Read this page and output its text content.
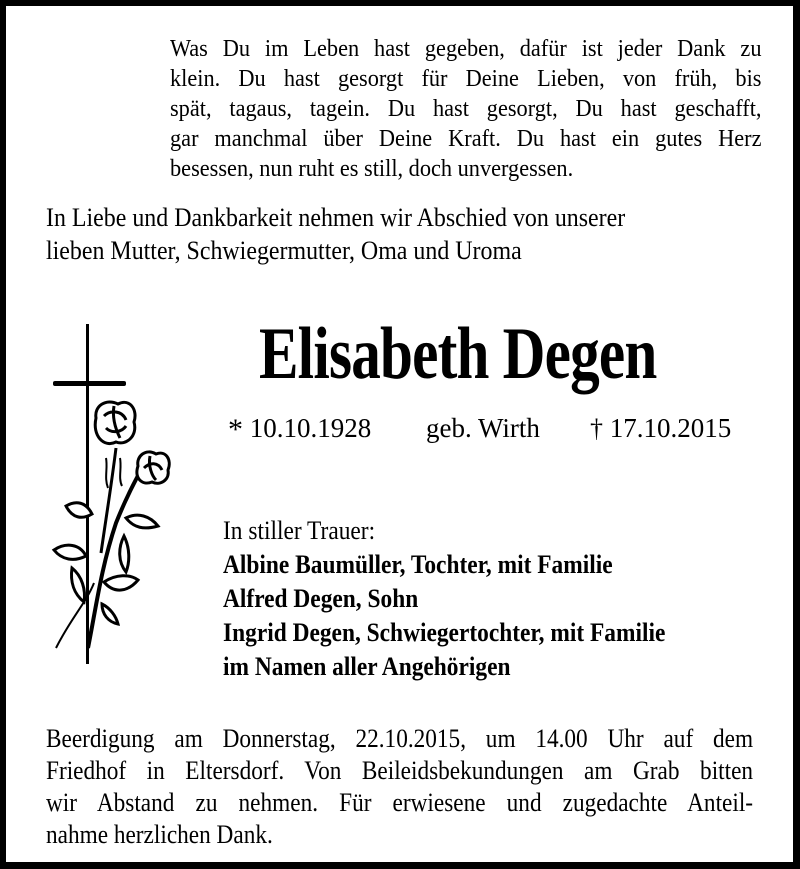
Was Du im Leben hast gegeben, dafür ist jeder Dank zu
klein. Du hast gesorgt für Deine Lieben, von früh, bis
spät, tagaus, tagein. Du hast gesorgt, Du hast geschafft,
gar manchmal über Deine Kraft. Du hast ein gutes Herz
besessen, nun ruht es still, doch unvergessen.
In Liebe und Dankbarkeit nehmen wir Abschied von unserer
lieben Mutter, Schwiegermutter, Oma und Uroma
Elisabeth Degen
* 10.10.1928 geb. Wirth † 17.10.2015
In stiller Trauer:
Albine Baumüller, Tochter, mit Familie
Alfred Degen, Sohn
Ingrid Degen, Schwiegertochter, mit Familie
im Namen aller Angehörigen
Beerdigung am Donnerstag, 22.10.2015, um 14.00 Uhr auf dem
Friedhof in Eltersdorf. Von Beileidsbekundungen am Grab bitten
wir Abstand zu nehmen. Für erwiesene und zugedachte Anteil-
nahme herzlichen Dank.
